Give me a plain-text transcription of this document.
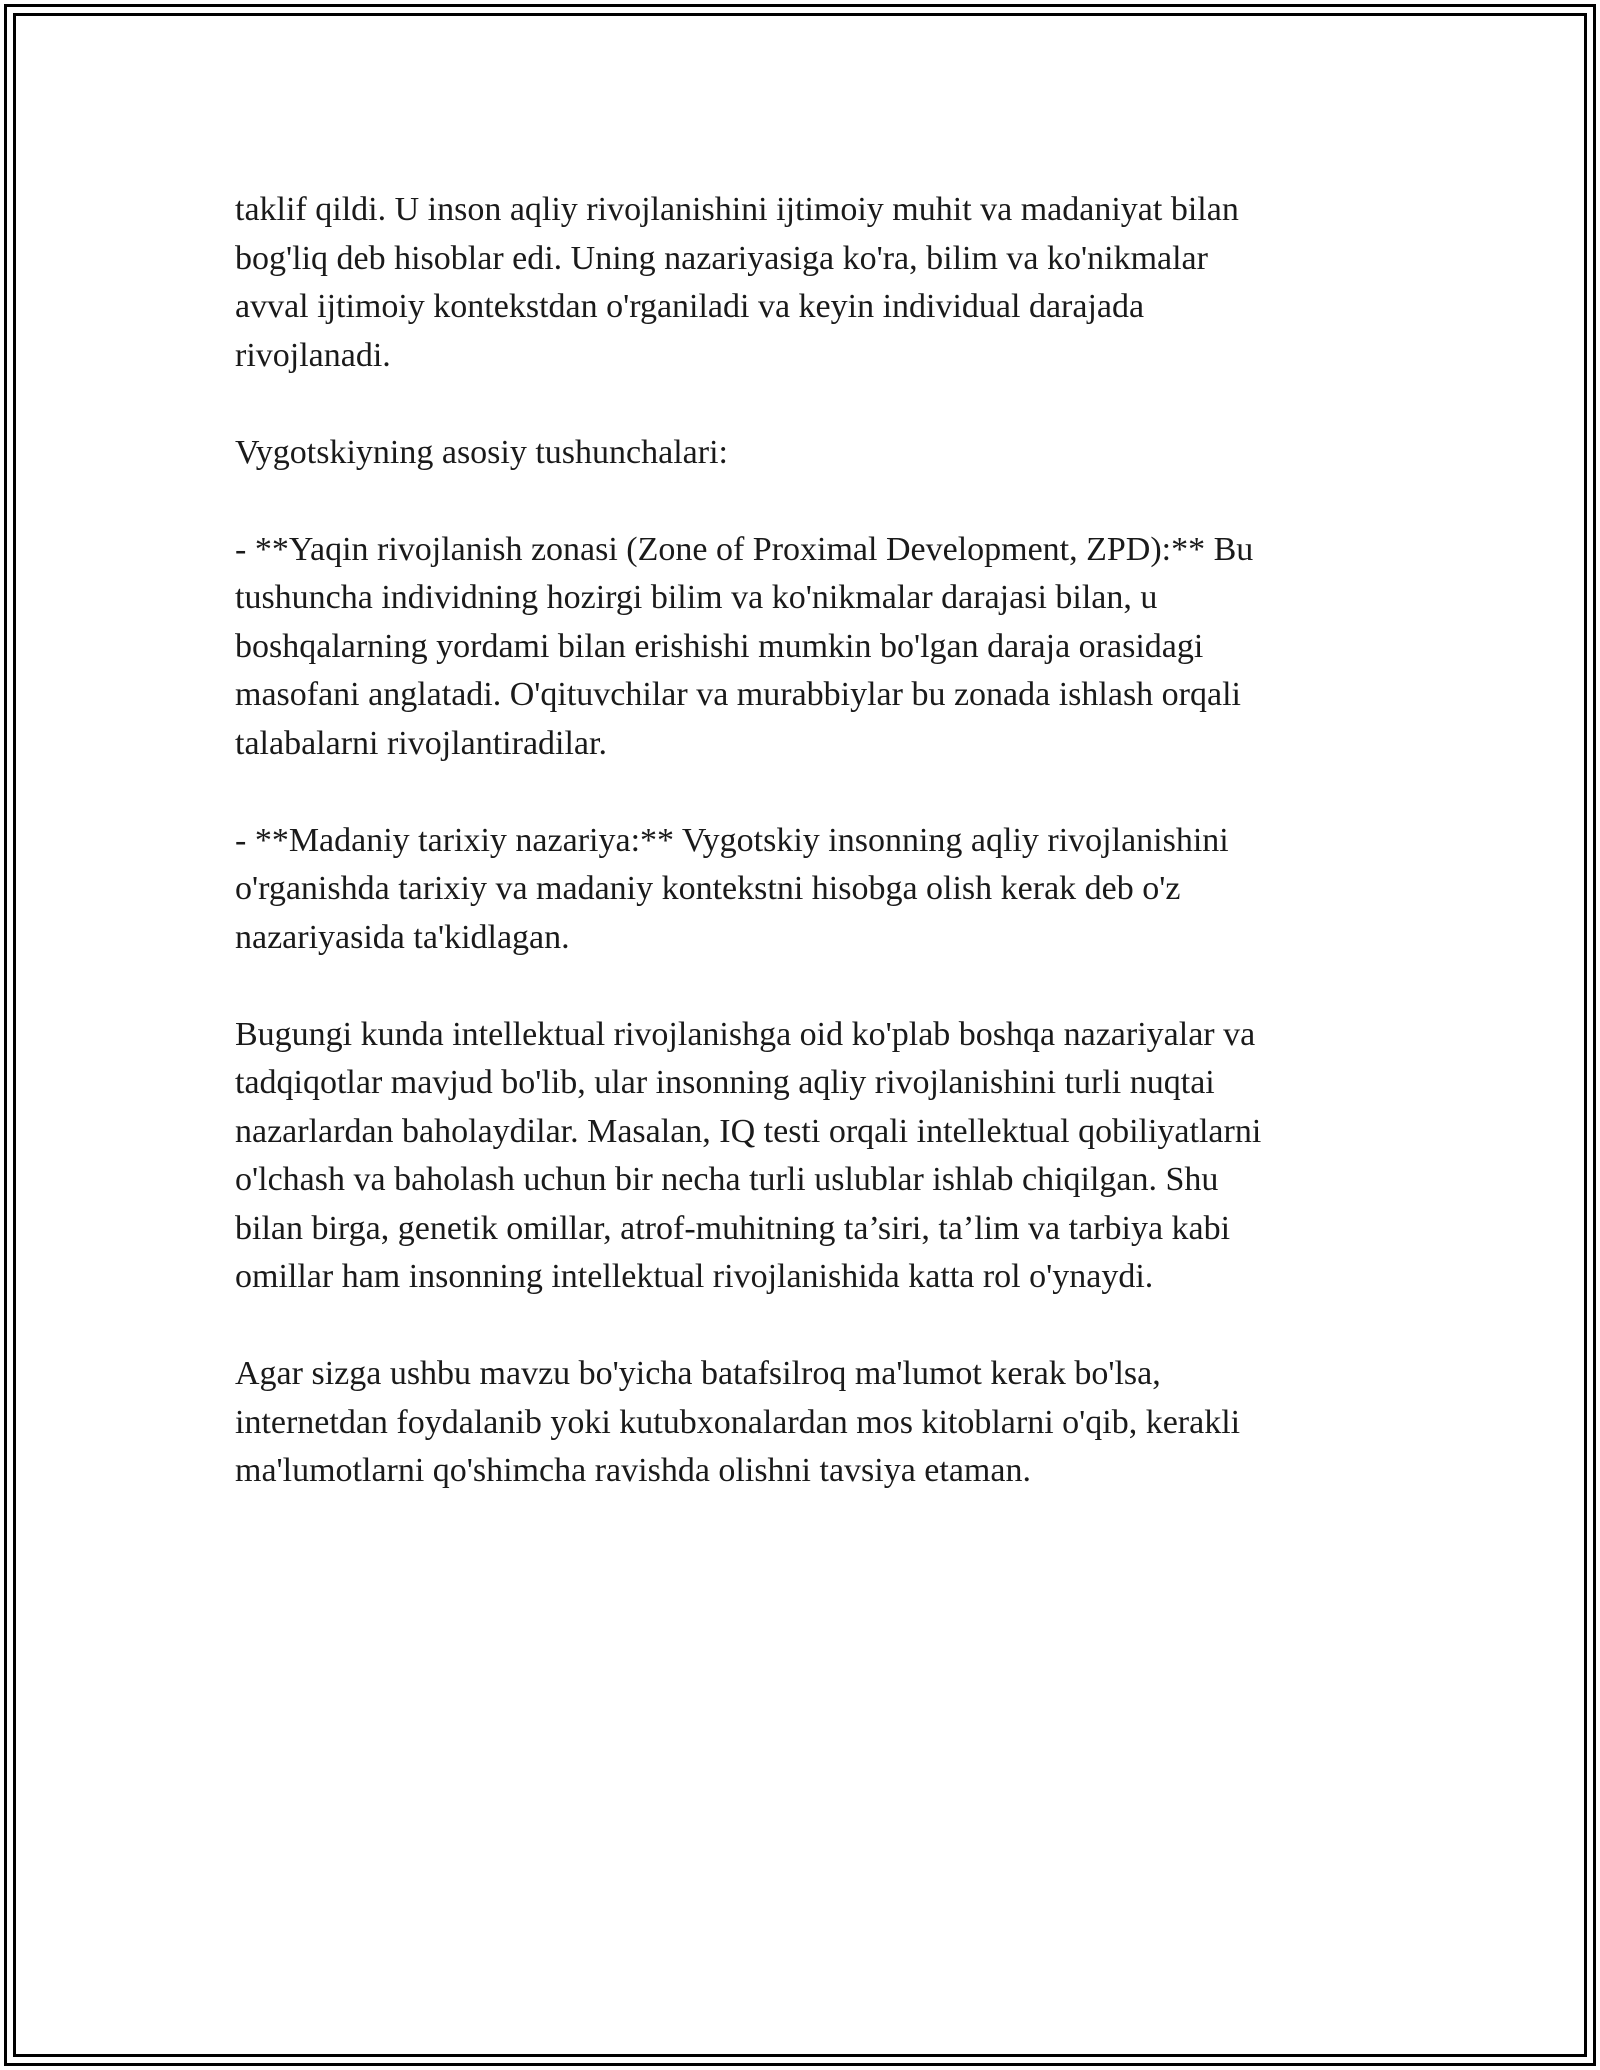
taklif qildi. U inson aqliy rivojlanishini ijtimoiy muhit va madaniyat bilan
bog'liq deb hisoblar edi. Uning nazariyasiga ko'ra, bilim va ko'nikmalar
avval ijtimoiy kontekstdan o'rganiladi va keyin individual darajada
rivojlanadi.

Vygotskiyning asosiy tushunchalari:

- **Yaqin rivojlanish zonasi (Zone of Proximal Development, ZPD):** Bu
tushuncha individning hozirgi bilim va ko'nikmalar darajasi bilan, u
boshqalarning yordami bilan erishishi mumkin bo'lgan daraja orasidagi
masofani anglatadi. O'qituvchilar va murabbiylar bu zonada ishlash orqali
talabalarni rivojlantiradilar.

- **Madaniy tarixiy nazariya:** Vygotskiy insonning aqliy rivojlanishini
o'rganishda tarixiy va madaniy kontekstni hisobga olish kerak deb o'z
nazariyasida ta'kidlagan.

Bugungi kunda intellektual rivojlanishga oid ko'plab boshqa nazariyalar va
tadqiqotlar mavjud bo'lib, ular insonning aqliy rivojlanishini turli nuqtai
nazarlardan baholaydilar. Masalan, IQ testi orqali intellektual qobiliyatlarni
o'lchash va baholash uchun bir necha turli uslublar ishlab chiqilgan. Shu
bilan birga, genetik omillar, atrof-muhitning ta’siri, ta’lim va tarbiya kabi
omillar ham insonning intellektual rivojlanishida katta rol o'ynaydi.

Agar sizga ushbu mavzu bo'yicha batafsilroq ma'lumot kerak bo'lsa,
internetdan foydalanib yoki kutubxonalardan mos kitoblarni o'qib, kerakli
ma'lumotlarni qo'shimcha ravishda olishni tavsiya etaman.
